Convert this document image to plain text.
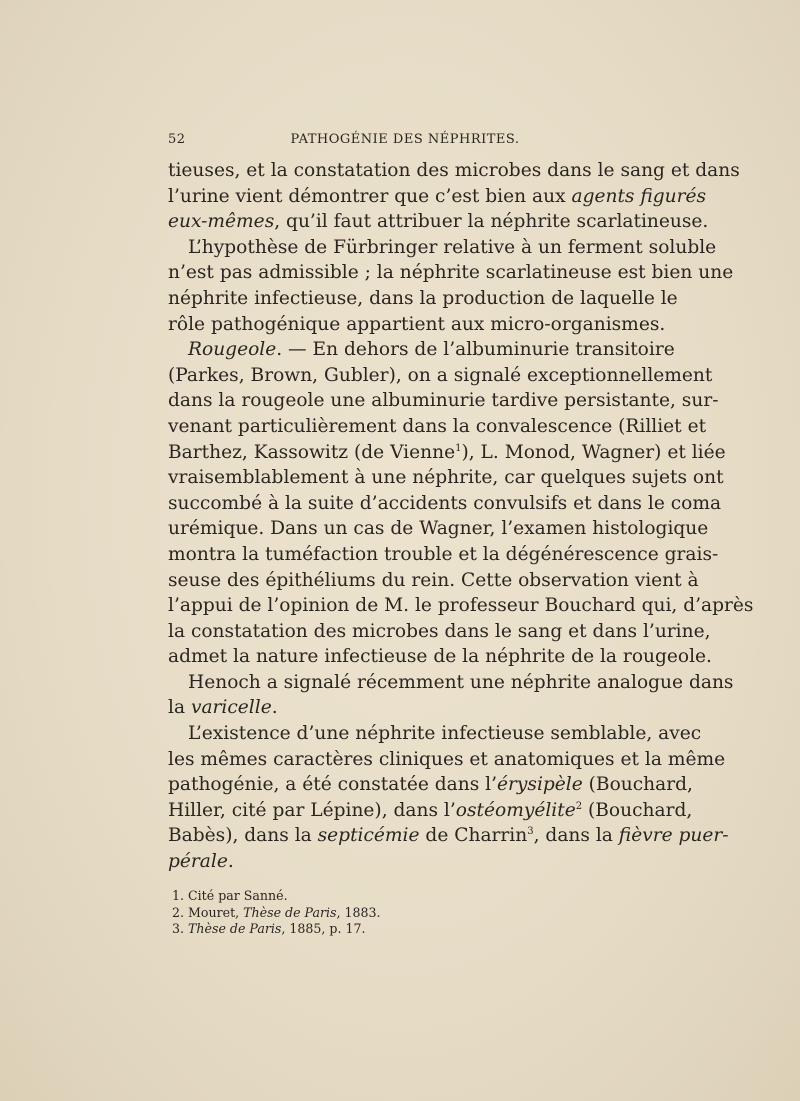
52	PATHOGÉNIE DES NÉPHRITES.
tieuses, et la constatation des microbes dans le sang et dans
l’urine vient démontrer que c’est bien aux agents figurés
eux-mêmes, qu’il faut attribuer la néphrite scarlatineuse.
L’hypothèse de Fürbringer relative à un ferment soluble
n’est pas admissible ; la néphrite scarlatineuse est bien une
néphrite infectieuse, dans la production de laquelle le
rôle pathogénique appartient aux micro-organismes.
Rougeole. — En dehors de l’albuminurie transitoire
(Parkes, Brown, Gubler), on a signalé exceptionnellement
dans la rougeole une albuminurie tardive persistante, sur-
venant particulièrement dans la convalescence (Rilliet et
Barthez, Kassowitz (de Vienne$^1$), L. Monod, Wagner) et liée
vraisemblablement à une néphrite, car quelques sujets ont
succombé à la suite d’accidents convulsifs et dans le coma
urémique. Dans un cas de Wagner, l’examen histologique
montra la tuméfaction trouble et la dégénérescence grais-
seuse des épithéliums du rein. Cette observation vient à
l’appui de l’opinion de M. le professeur Bouchard qui, d’après
la constatation des microbes dans le sang et dans l’urine,
admet la nature infectieuse de la néphrite de la rougeole.
Henoch a signalé récemment une néphrite analogue dans
la varicelle.
L’existence d’une néphrite infectieuse semblable, avec
les mêmes caractères cliniques et anatomiques et la même
pathogénie, a été constatée dans l’érysipèle (Bouchard,
Hiller, cité par Lépine), dans l’ostéomyélite$^2$ (Bouchard,
Babès), dans la septicémie de Charrin$^3$, dans la fièvre puer-
pérale.
1. Cité par Sanné.
2. Mouret, Thèse de Paris, 1883.
3. Thèse de Paris, 1885, p. 17.
